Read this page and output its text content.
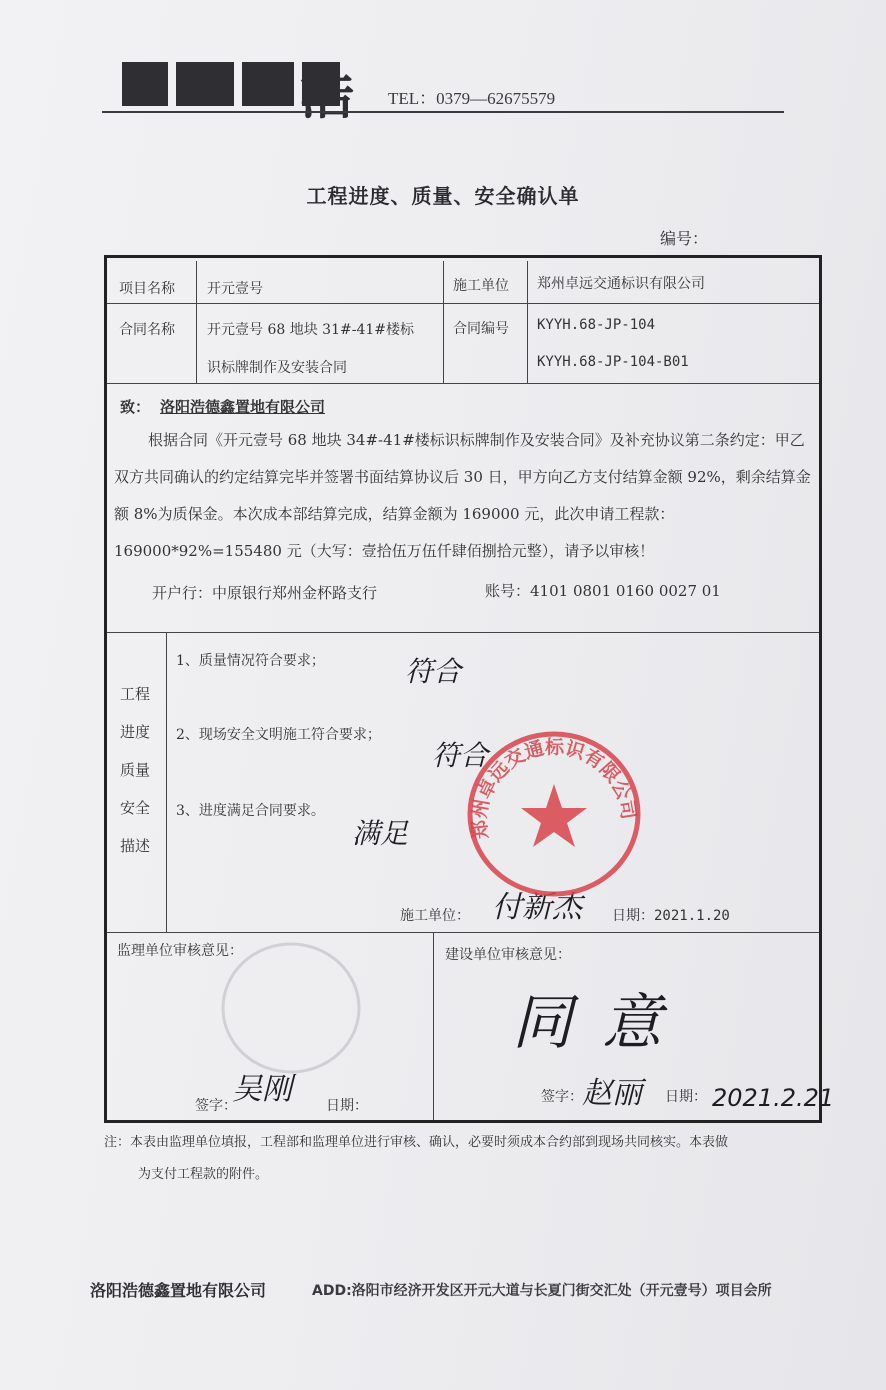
浩 TEL：0379—62675579
工程进度、质量、安全确认单
编号：
项目名称 开元壹号	施工单位 郑州卓远交通标识有限公司
合同名称 开元壹号 68 地块 31#-41#楼标
识标牌制作及安装合同
合同编号 KYYH.68-JP-104
KYYH.68-JP-104-B01
致： 洛阳浩德鑫置地有限公司
根据合同《开元壹号 68 地块 34#-41#楼标识标牌制作及安装合同》及补充协议第二条约定：甲乙双方共同确认的约定结算完毕并签署书面结算协议后 30 日，甲方向乙方支付结算金额 92%，剩余结算金额 8%为质保金。本次成本部结算完成，结算金额为 169000 元，此次申请工程款：169000*92%=155480 元（大写：壹拾伍万伍仟肆佰捌拾元整），请予以审核！
开户行：中原银行郑州金杯路支行	账号：4101 0801 0160 0027 01
工程
进度
质量
安全
描述
1、质量情况符合要求；	符合
2、现场安全文明施工符合要求；
符合
3、进度满足合同要求。
满足
施工单位： 付新杰 日期：2021.1.20
郑州卓远交通标识有限公司
监理单位审核意见：
签字：
吴刚 日期：
建设单位审核意见：
同意
签字： 赵丽 日期： 2021.2.21
注：本表由监理单位填报，工程部和监理单位进行审核、确认，必要时须成本合约部到现场共同核实。本表做
为支付工程款的附件。
洛阳浩德鑫置地有限公司	ADD:洛阳市经济开发区开元大道与长夏门街交汇处（开元壹号）项目会所
